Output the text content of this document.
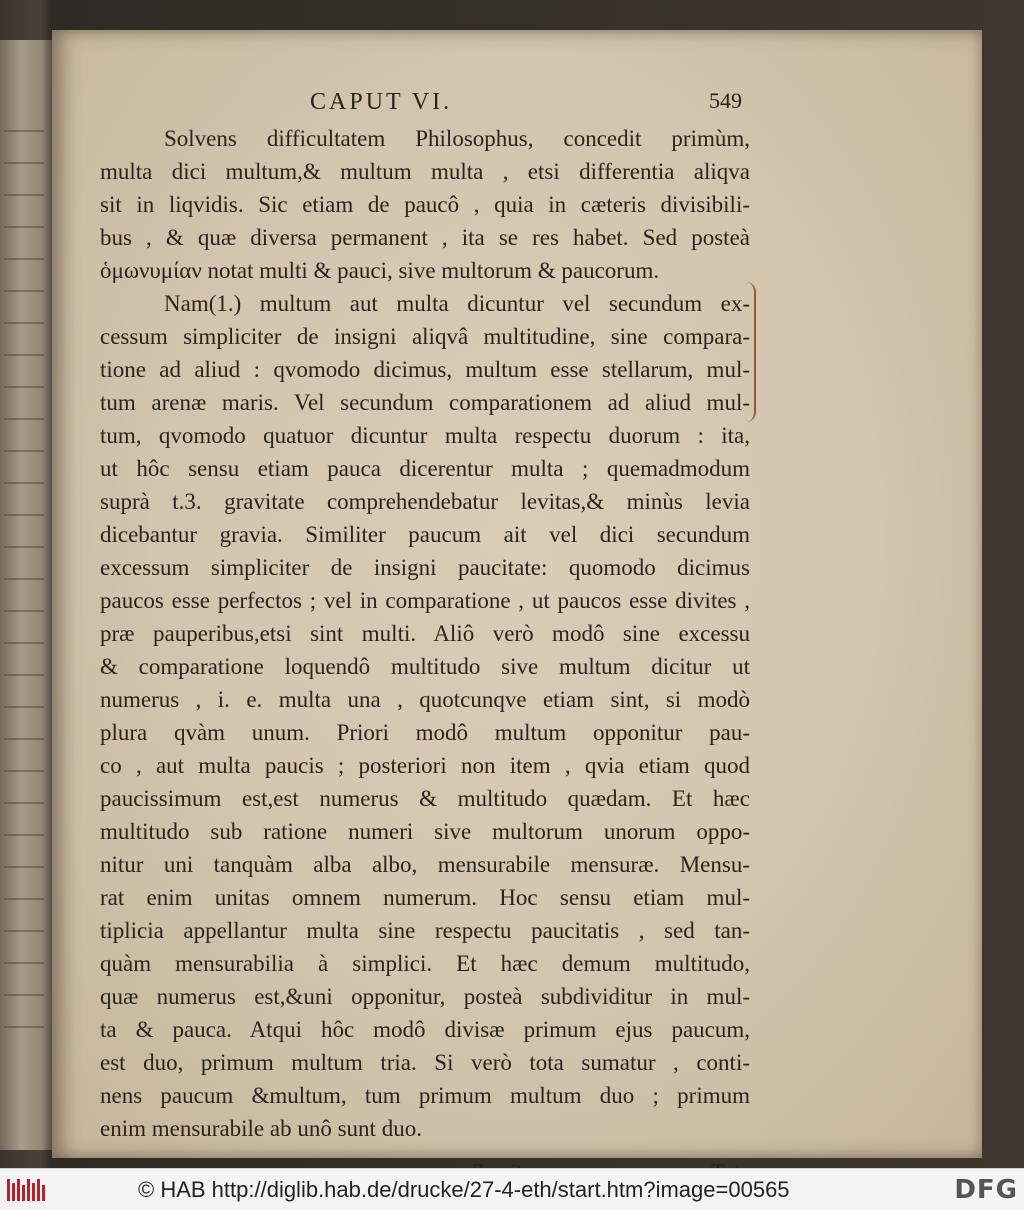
CAPUT VI.	549
Solvens difficultatem Philosophus, concedit primùm,
multa dici multum,& multum multa , etsi differentia aliqva
sit in liqvidis. Sic etiam de paucô , quia in cæteris divisibili-
bus , & quæ diversa permanent , ita se res habet. Sed posteà
ὁμωνυμίαν notat multi & pauci, sive multorum & paucorum.
Nam(1.) multum aut multa dicuntur vel secundum ex-
cessum simpliciter de insigni aliqvâ multitudine, sine compara-
tione ad aliud : qvomodo dicimus, multum esse stellarum, mul-
tum arenæ maris. Vel secundum comparationem ad aliud mul-
tum, qvomodo quatuor dicuntur multa respectu duorum : ita,
ut hôc sensu etiam pauca dicerentur multa ; quemadmodum
suprà t.3. gravitate comprehendebatur levitas,& minùs levia
dicebantur gravia. Similiter paucum ait vel dici secundum
excessum simpliciter de insigni paucitate: quomodo dicimus
paucos esse perfectos ; vel in comparatione , ut paucos esse divites ,
præ pauperibus,etsi sint multi. Aliô verò modô sine excessu
& comparatione loquendô multitudo sive multum dicitur ut
numerus , i. e. multa una , quotcunqve etiam sint, si modò
plura qvàm unum. Priori modô multum opponitur pau-
co , aut multa paucis ; posteriori non item , qvia etiam quod
paucissimum est,est numerus & multitudo quædam. Et hæc
multitudo sub ratione numeri sive multorum unorum oppo-
nitur uni tanquàm alba albo, mensurabile mensuræ. Mensu-
rat enim unitas omnem numerum. Hoc sensu etiam mul-
tiplicia appellantur multa sine respectu paucitatis , sed tan-
quàm mensurabilia à simplici. Et hæc demum multitudo,
quæ numerus est,&uni opponitur, posteà subdividitur in mul-
ta & pauca. Atqui hôc modô divisæ primum ejus paucum,
est duo, primum multum tria. Si verò tota sumatur , conti-
nens paucum &multum, tum primum multum duo ; primum
enim mensurabile ab unô sunt duo.
© HAB http://diglib.hab.de/drucke/27-4-eth/start.htm?image=00565	DFG
